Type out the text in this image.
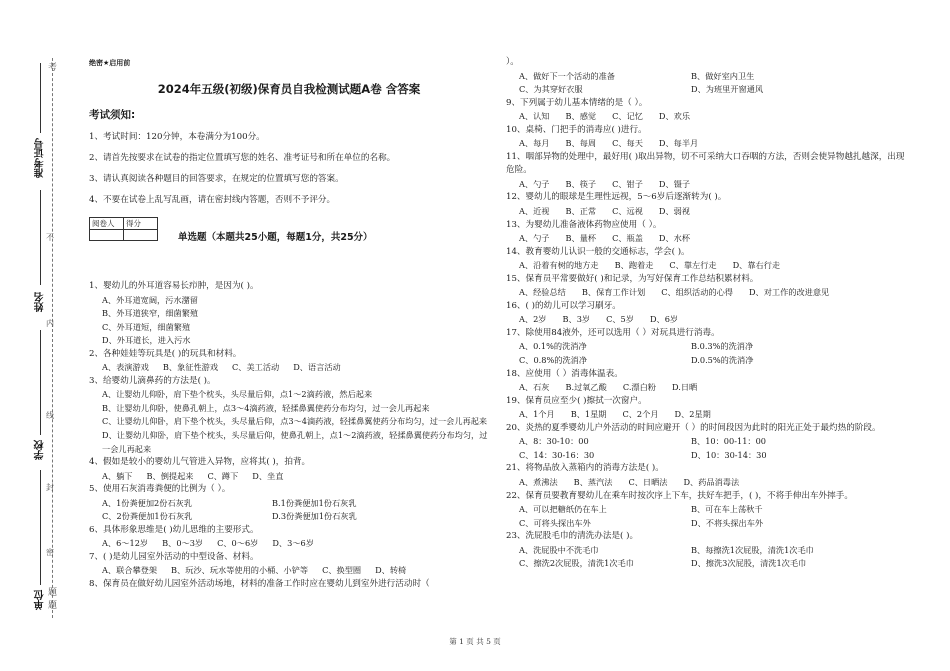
准考证号
姓名
学校
单位
不
内
线
封
密
考
題
題
绝密★启用前
2024年五级(初级)保育员自我检测试题A卷 含答案
考试须知:

1、考试时间：120分钟，本卷满分为100分。

2、请首先按要求在试卷的指定位置填写您的姓名、准考证号和所在单位的名称。

3、请认真阅读各种题目的回答要求，在规定的位置填写您的答案。

4、不要在试卷上乱写乱画，请在密封线内答题，否则不予评分。

阅卷人	得分

单选题（本题共25小题，每题1分，共25分）

1、婴幼儿的外耳道容易长疖肿，是因为( )。

A、外耳道宽阔，污水潴留

B、外耳道狭窄，细菌繁殖

C、外耳道短，细菌繁殖

D、外耳道长，进入污水

2、各种娃娃等玩具是( )的玩具和材料。

A、表演游戏 B、象征性游戏 C、美工活动 D、语言活动

3、给婴幼儿滴鼻药的方法是( )。

A、让婴幼儿仰卧，肩下垫个枕头，头尽量后仰，点1～2滴药液，然后起来

B、让婴幼儿仰卧，使鼻孔朝上，点3～4滴药液，轻揉鼻翼使药分布均匀，过一会儿再起来

C、让婴幼儿仰卧，肩下垫个枕头，头尽量后仰，点3～4滴药液，轻揉鼻翼使药分布均匀，过一会儿再起来

D、让婴幼儿仰卧，肩下垫个枕头，头尽量后仰，使鼻孔朝上，点1～2滴药液，轻揉鼻翼使药分布均匀，过一会儿再起来

4、假如是较小的婴幼儿气管进入异物，应将其( )，拍背。

A、躺下 B、倒提起来 C、蹲下 D、坐直

5、使用石灰消毒粪便的比例为（ ）。

A、1份粪便加2份石灰乳	B.1份粪便加1份石灰乳
C、2份粪便加1份石灰乳	D.3份粪便加1份石灰乳

6、具体形象思维是( )幼儿思维的主要形式。

A、6～12岁 B、0～3岁 C、0～6岁 D、3～6岁

7、( )是幼儿园室外活动的中型设备、材料。

A、联合攀登架 B、玩沙、玩水等使用的小桶、小铲等 C、换型圈 D、转椅

8、保育员在做好幼儿园室外活动场地，材料的准备工作时应在婴幼儿到室外进行活动时（

）。

A、做好下一个活动的准备	B、做好室内卫生
C、为其穿好衣服	D、为班里开窗通风

9、下列属于幼儿基本情绪的是（ ）。

A、认知 B、感觉 C、记忆 D、欢乐

10、桌椅、门把手的消毒应( )进行。

A、每月 B、每周 C、每天 D、每半月

11、咽部异物的处理中，最好用( )取出异物，切不可采纳大口吞咽的方法，否则会使异物越扎越深，出现危险。

A、勺子 B、筷子 C、钳子 D、镊子

12、婴幼儿的眼球是生理性远视，5～6岁后逐渐转为( )。

A、近视 B、正常 C、远视 D、弱视

13、为婴幼儿准备液体药物应使用（ ）。

A、勺子 B、量杯 C、瓶盖 D、水杯

14、教育婴幼儿认识一般的交通标志，学会( )。

A、沿着有树的地方走 B、跑着走 C、靠左行走 D、靠右行走

15、保育员平常要做好( )和记录，为写好保育工作总结积累材料。

A、经验总结 B、保育工作计划 C、组织活动的心得 D、对工作的改进意见

16、( )的幼儿可以学习刷牙。

A、2岁 B、3岁 C、5岁 D、6岁

17、除使用84液外，还可以选用（ ）对玩具进行消毒。

A、0.1%的洗消净	B.0.3%的洗消净
C、0.8%的洗消净	D.0.5%的洗消净

18、应使用（ ）消毒体温表。

A、石灰 B.过氧乙酸 C.漂白粉 D.日晒

19、保育员应至少( )擦拭一次窗户。

A、1个月 B、1星期 C、2个月 D、2星期

20、炎热的夏季婴幼儿户外活动的时间应避开（ ）的时间段因为此时的阳光正处于最灼热的阶段。

A、8：30-10：00	B、10：00-11：00
C、14：30-16：30	D、10：30-14：30

21、将物品放入蒸箱内的消毒方法是( )。

A、煮沸法 B、蒸汽法 C、日晒法 D、药品消毒法

22、保育员要教育婴幼儿在乘车时按次序上下车，扶好车把手，( )，不将手伸出车外摔手。

A、可以把糖纸仍在车上	B、可在车上荡秋千
C、可将头探出车外	D、不将头探出车外

23、洗屁股毛巾的清洗办法是( )。

A、洗屁股中不洗毛巾	B、每擦洗1次屁股，清洗1次毛巾
C、擦洗2次屁股，清洗1次毛巾	D、擦洗3次屁股，清洗1次毛巾
第 1 页 共 5 页
